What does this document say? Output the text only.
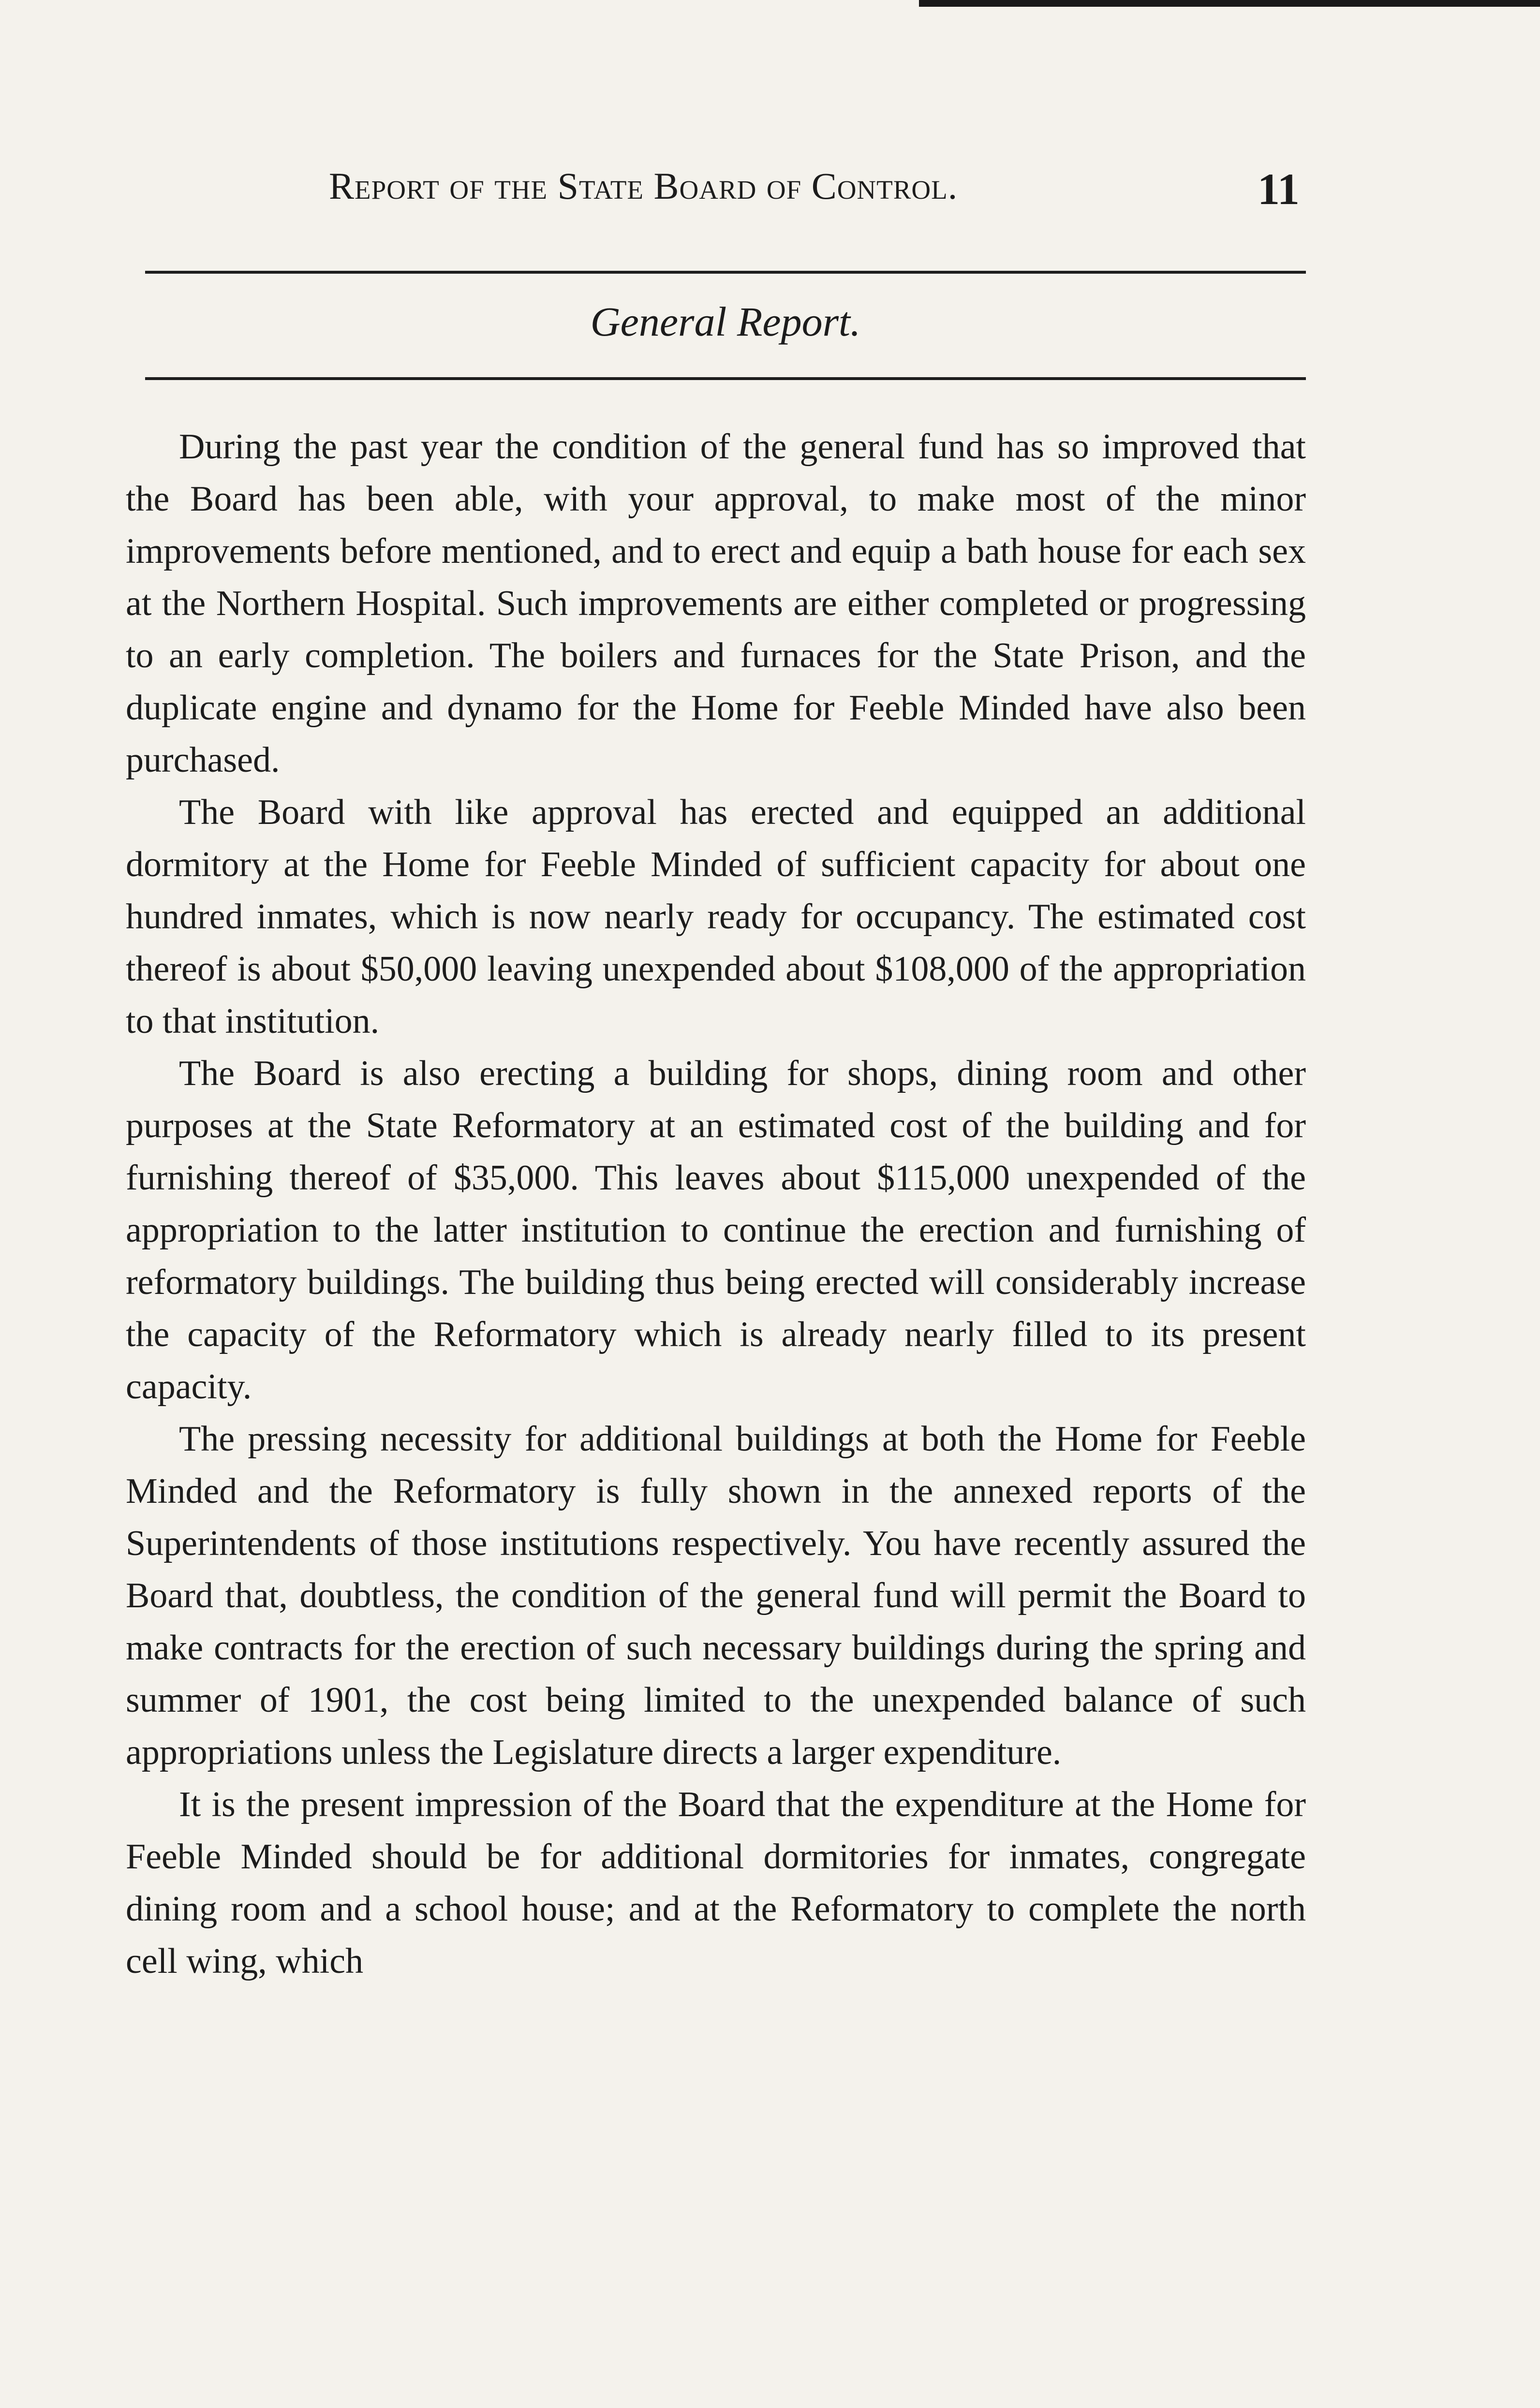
Report of the State Board of Control.	11
General Report.

During the past year the condition of the general fund has so improved that the Board has been able, with your approval, to make most of the minor improvements before mentioned, and to erect and equip a bath house for each sex at the Northern Hospital. Such improvements are either completed or progressing to an early completion. The boilers and furnaces for the State Prison, and the duplicate engine and dynamo for the Home for Feeble Minded have also been purchased.

The Board with like approval has erected and equipped an additional dormitory at the Home for Feeble Minded of sufficient capacity for about one hundred inmates, which is now nearly ready for occupancy. The estimated cost thereof is about $50,000 leaving unexpended about $108,000 of the appropriation to that institution.

The Board is also erecting a building for shops, dining room and other purposes at the State Reformatory at an estimated cost of the building and for furnishing thereof of $35,000. This leaves about $115,000 unexpended of the appropriation to the latter institution to continue the erection and furnishing of reformatory buildings. The building thus being erected will considerably increase the capacity of the Reformatory which is already nearly filled to its present capacity.

The pressing necessity for additional buildings at both the Home for Feeble Minded and the Reformatory is fully shown in the annexed reports of the Superintendents of those institutions respectively. You have recently assured the Board that, doubtless, the condition of the general fund will permit the Board to make contracts for the erection of such necessary buildings during the spring and summer of 1901, the cost being limited to the unexpended balance of such appropriations unless the Legislature directs a larger expenditure.

It is the present impression of the Board that the expenditure at the Home for Feeble Minded should be for additional dormitories for inmates, congregate dining room and a school house; and at the Reformatory to complete the north cell wing, which
